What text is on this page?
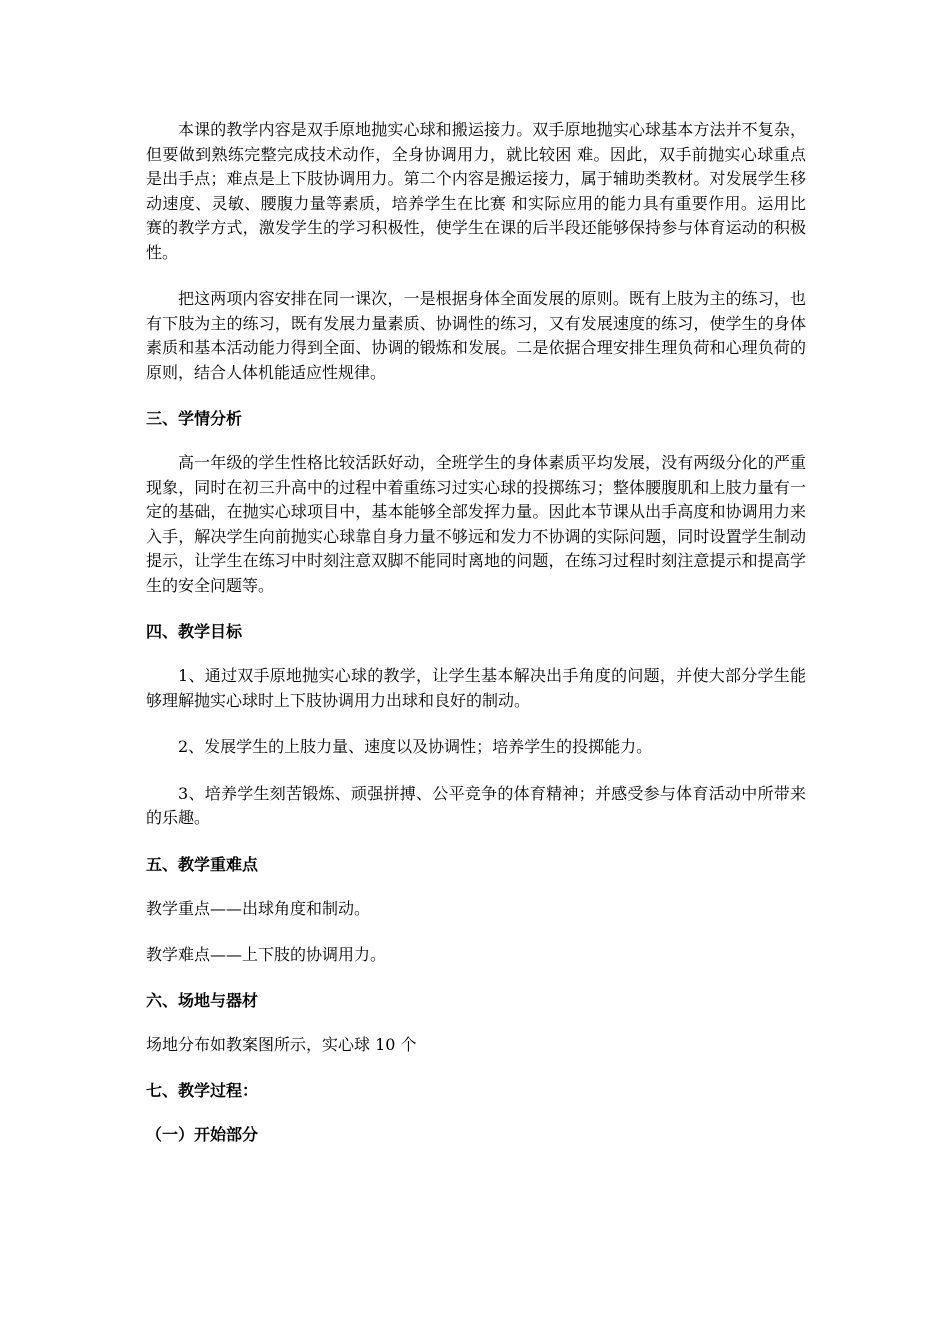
本课的教学内容是双手原地抛实心球和搬运接力。双手原地抛实心球基本方法并不复杂，但要做到熟练完整完成技术动作，全身协调用力，就比较困 难。因此，双手前抛实心球重点是出手点；难点是上下肢协调用力。第二个内容是搬运接力，属于辅助类教材。对发展学生移动速度、灵敏、腰腹力量等素质，培养学生在比赛 和实际应用的能力具有重要作用。运用比赛的教学方式，激发学生的学习积极性，使学生在课的后半段还能够保持参与体育运动的积极性。

把这两项内容安排在同一课次，一是根据身体全面发展的原则。既有上肢为主的练习，也有下肢为主的练习，既有发展力量素质、协调性的练习，又有发展速度的练习，使学生的身体素质和基本活动能力得到全面、协调的锻炼和发展。二是依据合理安排生理负荷和心理负荷的原则，结合人体机能适应性规律。

三、学情分析

高一年级的学生性格比较活跃好动，全班学生的身体素质平均发展，没有两级分化的严重现象，同时在初三升高中的过程中着重练习过实心球的投掷练习；整体腰腹肌和上肢力量有一定的基础，在抛实心球项目中，基本能够全部发挥力量。因此本节课从出手高度和协调用力来入手，解决学生向前抛实心球靠自身力量不够远和发力不协调的实际问题，同时设置学生制动提示，让学生在练习中时刻注意双脚不能同时离地的问题，在练习过程时刻注意提示和提高学生的安全问题等。

四、教学目标

1、通过双手原地抛实心球的教学，让学生基本解决出手角度的问题，并使大部分学生能够理解抛实心球时上下肢协调用力出球和良好的制动。

2、发展学生的上肢力量、速度以及协调性；培养学生的投掷能力。

3、培养学生刻苦锻炼、顽强拼搏、公平竞争的体育精神；并感受参与体育活动中所带来的乐趣。

五、教学重难点

教学重点——出球角度和制动。

教学难点——上下肢的协调用力。

六、场地与器材

场地分布如教案图所示，实心球 10 个

七、教学过程：

（一）开始部分
